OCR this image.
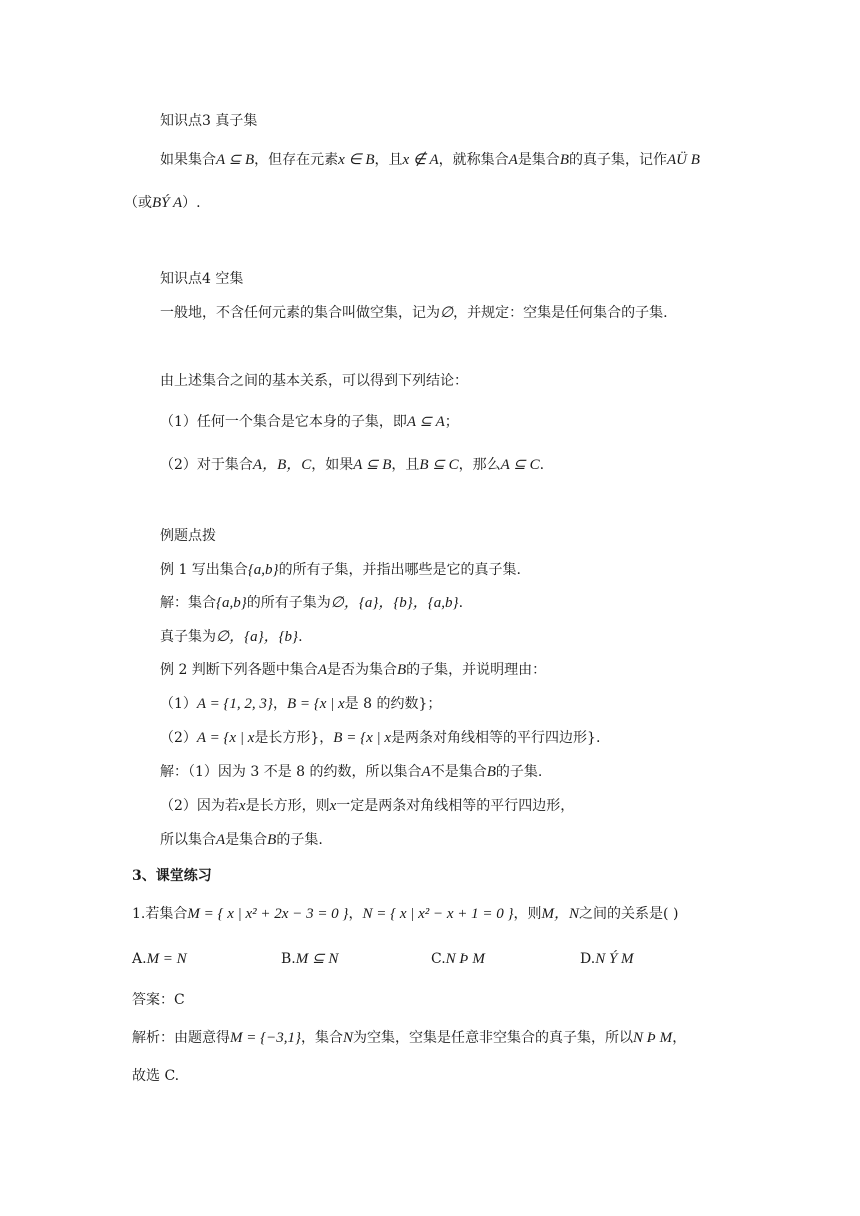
知识点3 真子集
如果集合A ⊆ B，但存在元素x ∈ B，且x ∉ A，就称集合A是集合B的真子集，记作AÜ B
（或BÝ A）.
知识点4 空集
一般地，不含任何元素的集合叫做空集，记为∅，并规定：空集是任何集合的子集.
由上述集合之间的基本关系，可以得到下列结论：
（1）任何一个集合是它本身的子集，即A ⊆ A；
（2）对于集合A，B，C，如果A ⊆ B，且B ⊆ C，那么A ⊆ C.
例题点拨
例 1 写出集合{a,b}的所有子集，并指出哪些是它的真子集.
解：集合{a,b}的所有子集为∅，{a}，{b}，{a,b}.
真子集为∅，{a}，{b}.
例 2 判断下列各题中集合A是否为集合B的子集，并说明理由：
（1）A = {1, 2, 3}，B = {x | x是 8 的约数}；
（2）A = {x | x是长方形}，B = {x | x是两条对角线相等的平行四边形}.
解：（1）因为 3 不是 8 的约数，所以集合A不是集合B的子集.
（2）因为若x是长方形，则x一定是两条对角线相等的平行四边形，
所以集合A是集合B的子集.
3、课堂练习
1.若集合M = { x | x² + 2x − 3 = 0 }，N = { x | x² − x + 1 = 0 }，则M，N之间的关系是( )
A.M = N	B.M ⊆ N	C.N Þ M	D.N Ý M
答案：C
解析：由题意得M = {−3,1}，集合N为空集，空集是任意非空集合的真子集，所以N Þ M，
故选 C.
